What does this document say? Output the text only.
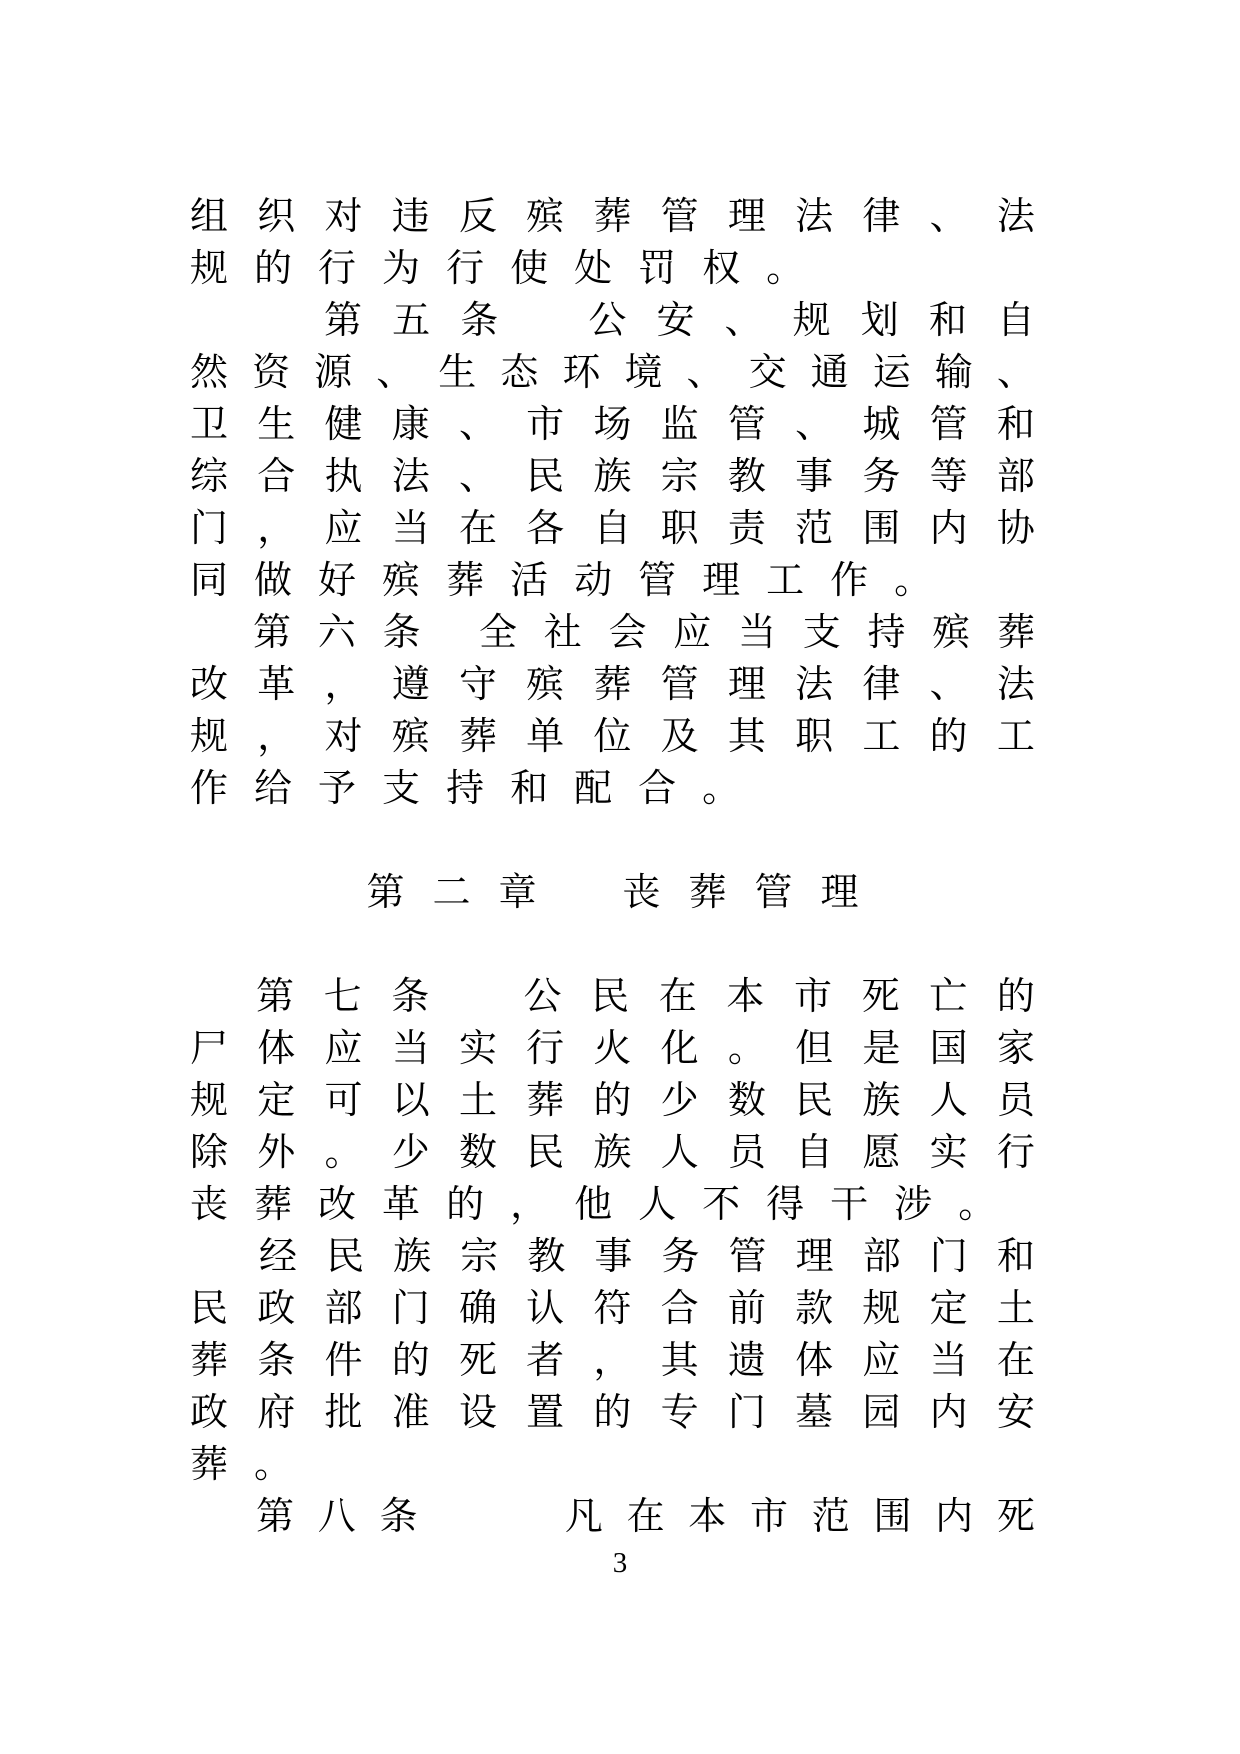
组 织 对 违 反 殡 葬 管 理 法 律 、 法
规 的 行 为 行 使 处 罚 权 。
第 五 条 公 安 、 规 划 和 自
然 资 源 、 生 态 环 境 、 交 通 运 输 、
卫 生 健 康 、 市 场 监 管 、 城 管 和
综 合 执 法 、 民 族 宗 教 事 务 等 部
门 ， 应 当 在 各 自 职 责 范 围 内 协
同 做 好 殡 葬 活 动 管 理 工 作 。
第 六 条 全 社 会 应 当 支 持 殡 葬
改 革 ， 遵 守 殡 葬 管 理 法 律 、 法
规 ， 对 殡 葬 单 位 及 其 职 工 的 工
作 给 予 支 持 和 配 合 。
第 二 章 丧 葬 管 理
第 七 条 公 民 在 本 市 死 亡 的
尸 体 应 当 实 行 火 化 。 但 是 国 家
规 定 可 以 土 葬 的 少 数 民 族 人 员
除 外 。 少 数 民 族 人 员 自 愿 实 行
丧 葬 改 革 的 ， 他 人 不 得 干 涉 。
经 民 族 宗 教 事 务 管 理 部 门 和
民 政 部 门 确 认 符 合 前 款 规 定 土
葬 条 件 的 死 者 ， 其 遗 体 应 当 在
政 府 批 准 设 置 的 专 门 墓 园 内 安
葬 。
第 八 条	凡 在 本 市 范 围 内 死
3
